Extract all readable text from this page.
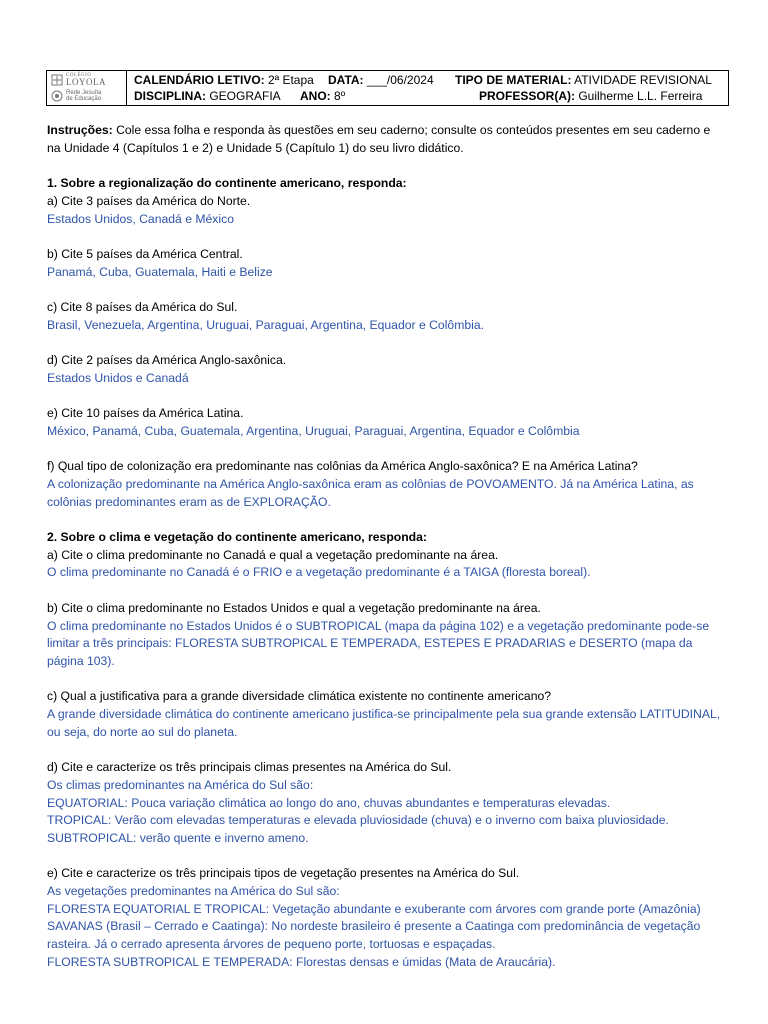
COLÉGIO
LOYOLA
Rede Jesuíta
de Educação
CALENDÁRIO LETIVO: 2ª Etapa DATA: ___/06/2024 TIPO DE MATERIAL: ATIVIDADE REVISIONAL
DISCIPLINA: GEOGRAFIA ANO: 8º	PROFESSOR(A): Guilherme L.L. Ferreira

Instruções: Cole essa folha e responda às questões em seu caderno; consulte os conteúdos presentes em seu caderno e na Unidade 4 (Capítulos 1 e 2) e Unidade 5 (Capítulo 1) do seu livro didático.

1. Sobre a regionalização do continente americano, responda:

a) Cite 3 países da América do Norte.

Estados Unidos, Canadá e México

b) Cite 5 países da América Central.

Panamá, Cuba, Guatemala, Haiti e Belize

c) Cite 8 países da América do Sul.

Brasil, Venezuela, Argentina, Uruguai, Paraguai, Argentina, Equador e Colômbia.

d) Cite 2 países da América Anglo-saxônica.

Estados Unidos e Canadá

e) Cite 10 países da América Latina.

México, Panamá, Cuba, Guatemala, Argentina, Uruguai, Paraguai, Argentina, Equador e Colômbia

f) Qual tipo de colonização era predominante nas colônias da América Anglo-saxônica? E na América Latina?

A colonização predominante na América Anglo-saxônica eram as colônias de POVOAMENTO. Já na América Latina, as colônias predominantes eram as de EXPLORAÇÃO.

2. Sobre o clima e vegetação do continente americano, responda:

a) Cite o clima predominante no Canadá e qual a vegetação predominante na área.

O clima predominante no Canadá é o FRIO e a vegetação predominante é a TAIGA (floresta boreal).

b) Cite o clima predominante no Estados Unidos e qual a vegetação predominante na área.

O clima predominante no Estados Unidos é o SUBTROPICAL (mapa da página 102) e a vegetação predominante pode-se limitar a três principais: FLORESTA SUBTROPICAL E TEMPERADA, ESTEPES E PRADARIAS e DESERTO (mapa da página 103).

c) Qual a justificativa para a grande diversidade climática existente no continente americano?

A grande diversidade climática do continente americano justifica-se principalmente pela sua grande extensão LATITUDINAL, ou seja, do norte ao sul do planeta.

d) Cite e caracterize os três principais climas presentes na América do Sul.

Os climas predominantes na América do Sul são:

EQUATORIAL: Pouca variação climática ao longo do ano, chuvas abundantes e temperaturas elevadas.

TROPICAL: Verão com elevadas temperaturas e elevada pluviosidade (chuva) e o inverno com baixa pluviosidade.

SUBTROPICAL: verão quente e inverno ameno.

e) Cite e caracterize os três principais tipos de vegetação presentes na América do Sul.

As vegetações predominantes na América do Sul são:

FLORESTA EQUATORIAL E TROPICAL: Vegetação abundante e exuberante com árvores com grande porte (Amazônia)

SAVANAS (Brasil – Cerrado e Caatinga): No nordeste brasileiro é presente a Caatinga com predominância de vegetação rasteira. Já o cerrado apresenta árvores de pequeno porte, tortuosas e espaçadas.

FLORESTA SUBTROPICAL E TEMPERADA: Florestas densas e úmidas (Mata de Araucária).
